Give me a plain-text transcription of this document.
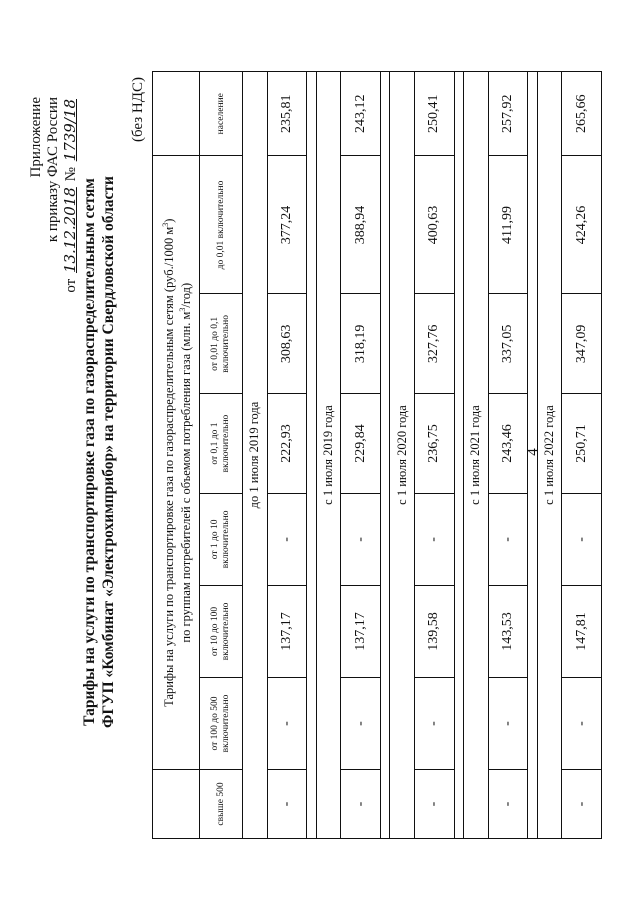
4
Приложение к приказу ФАС России
от 13.12.2018 № 1739/18
Тарифы на услуги по транспортировке газа по газораспределительным сетям ФГУП «Комбинат «Электрохимприбор» на территории Свердловской области
(без НДС)
	Тарифы на услуги по транспортировке газа по газораспределительным сетям (руб./1000 $м^3$)
по группам потребителей с объемом потребления газа (млн. $м^3/год$)						
свыше 500	от 100 до 500 включительно	от 10 до 100 включительно	от 1 до 10 включительно	от 0,1 до 1 включительно	от 0,01 до 0,1 включительно	до 0,01 включительно	население
до 1 июля 2019 года							
-	-	137,17	-	222,93	308,63	377,24	235,81

с 1 июля 2019 года							
-	-	137,17	-	229,84	318,19	388,94	243,12

с 1 июля 2020 года							
-	-	139,58	-	236,75	327,76	400,63	250,41

с 1 июля 2021 года							
-	-	143,53	-	243,46	337,05	411,99	257,92

с 1 июля 2022 года							
-	-	147,81	-	250,71	347,09	424,26	265,66
